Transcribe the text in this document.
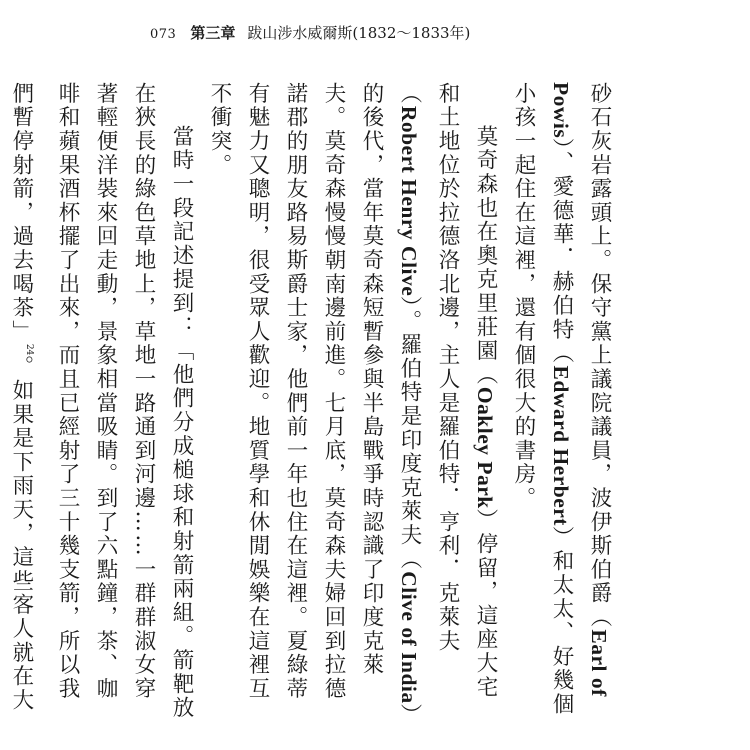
073 第三章 跋山涉水威爾斯(1832～1833年)

砂石灰岩露頭上。保守黨上議院議員，波伊斯伯爵（Earl of Powis）、愛德華．赫伯特（Edward Herbert）和太太、好幾個小孩一起住在這裡，還有個很大的書房。

莫奇森也在奧克里莊園（Oakley Park）停留，這座大宅和土地位於拉德洛北邊，主人是羅伯特．亨利．克萊夫（Robert Henry Clive）。羅伯特是印度克萊夫（Clive of India）的後代，當年莫奇森短暫參與半島戰爭時認識了印度克萊夫。莫奇森慢慢朝南邊前進。七月底，莫奇森夫婦回到拉德諾郡的朋友路易斯爵士家，他們前一年也住在這裡。夏綠蒂有魅力又聰明，很受眾人歡迎。地質學和休閒娛樂在這裡互不衝突。

當時一段記述提到：「他們分成槌球和射箭兩組。箭靶放在狹長的綠色草地上，草地一路通到河邊……一群群淑女穿著輕便洋裝來回走動，景象相當吸睛。到了六點鐘，茶、咖啡和蘋果酒杯擺了出來，而且已經射了三十幾支箭，所以我們暫停射箭，過去喝茶」$^{24}$。如果是下雨天，這些客人就在大
